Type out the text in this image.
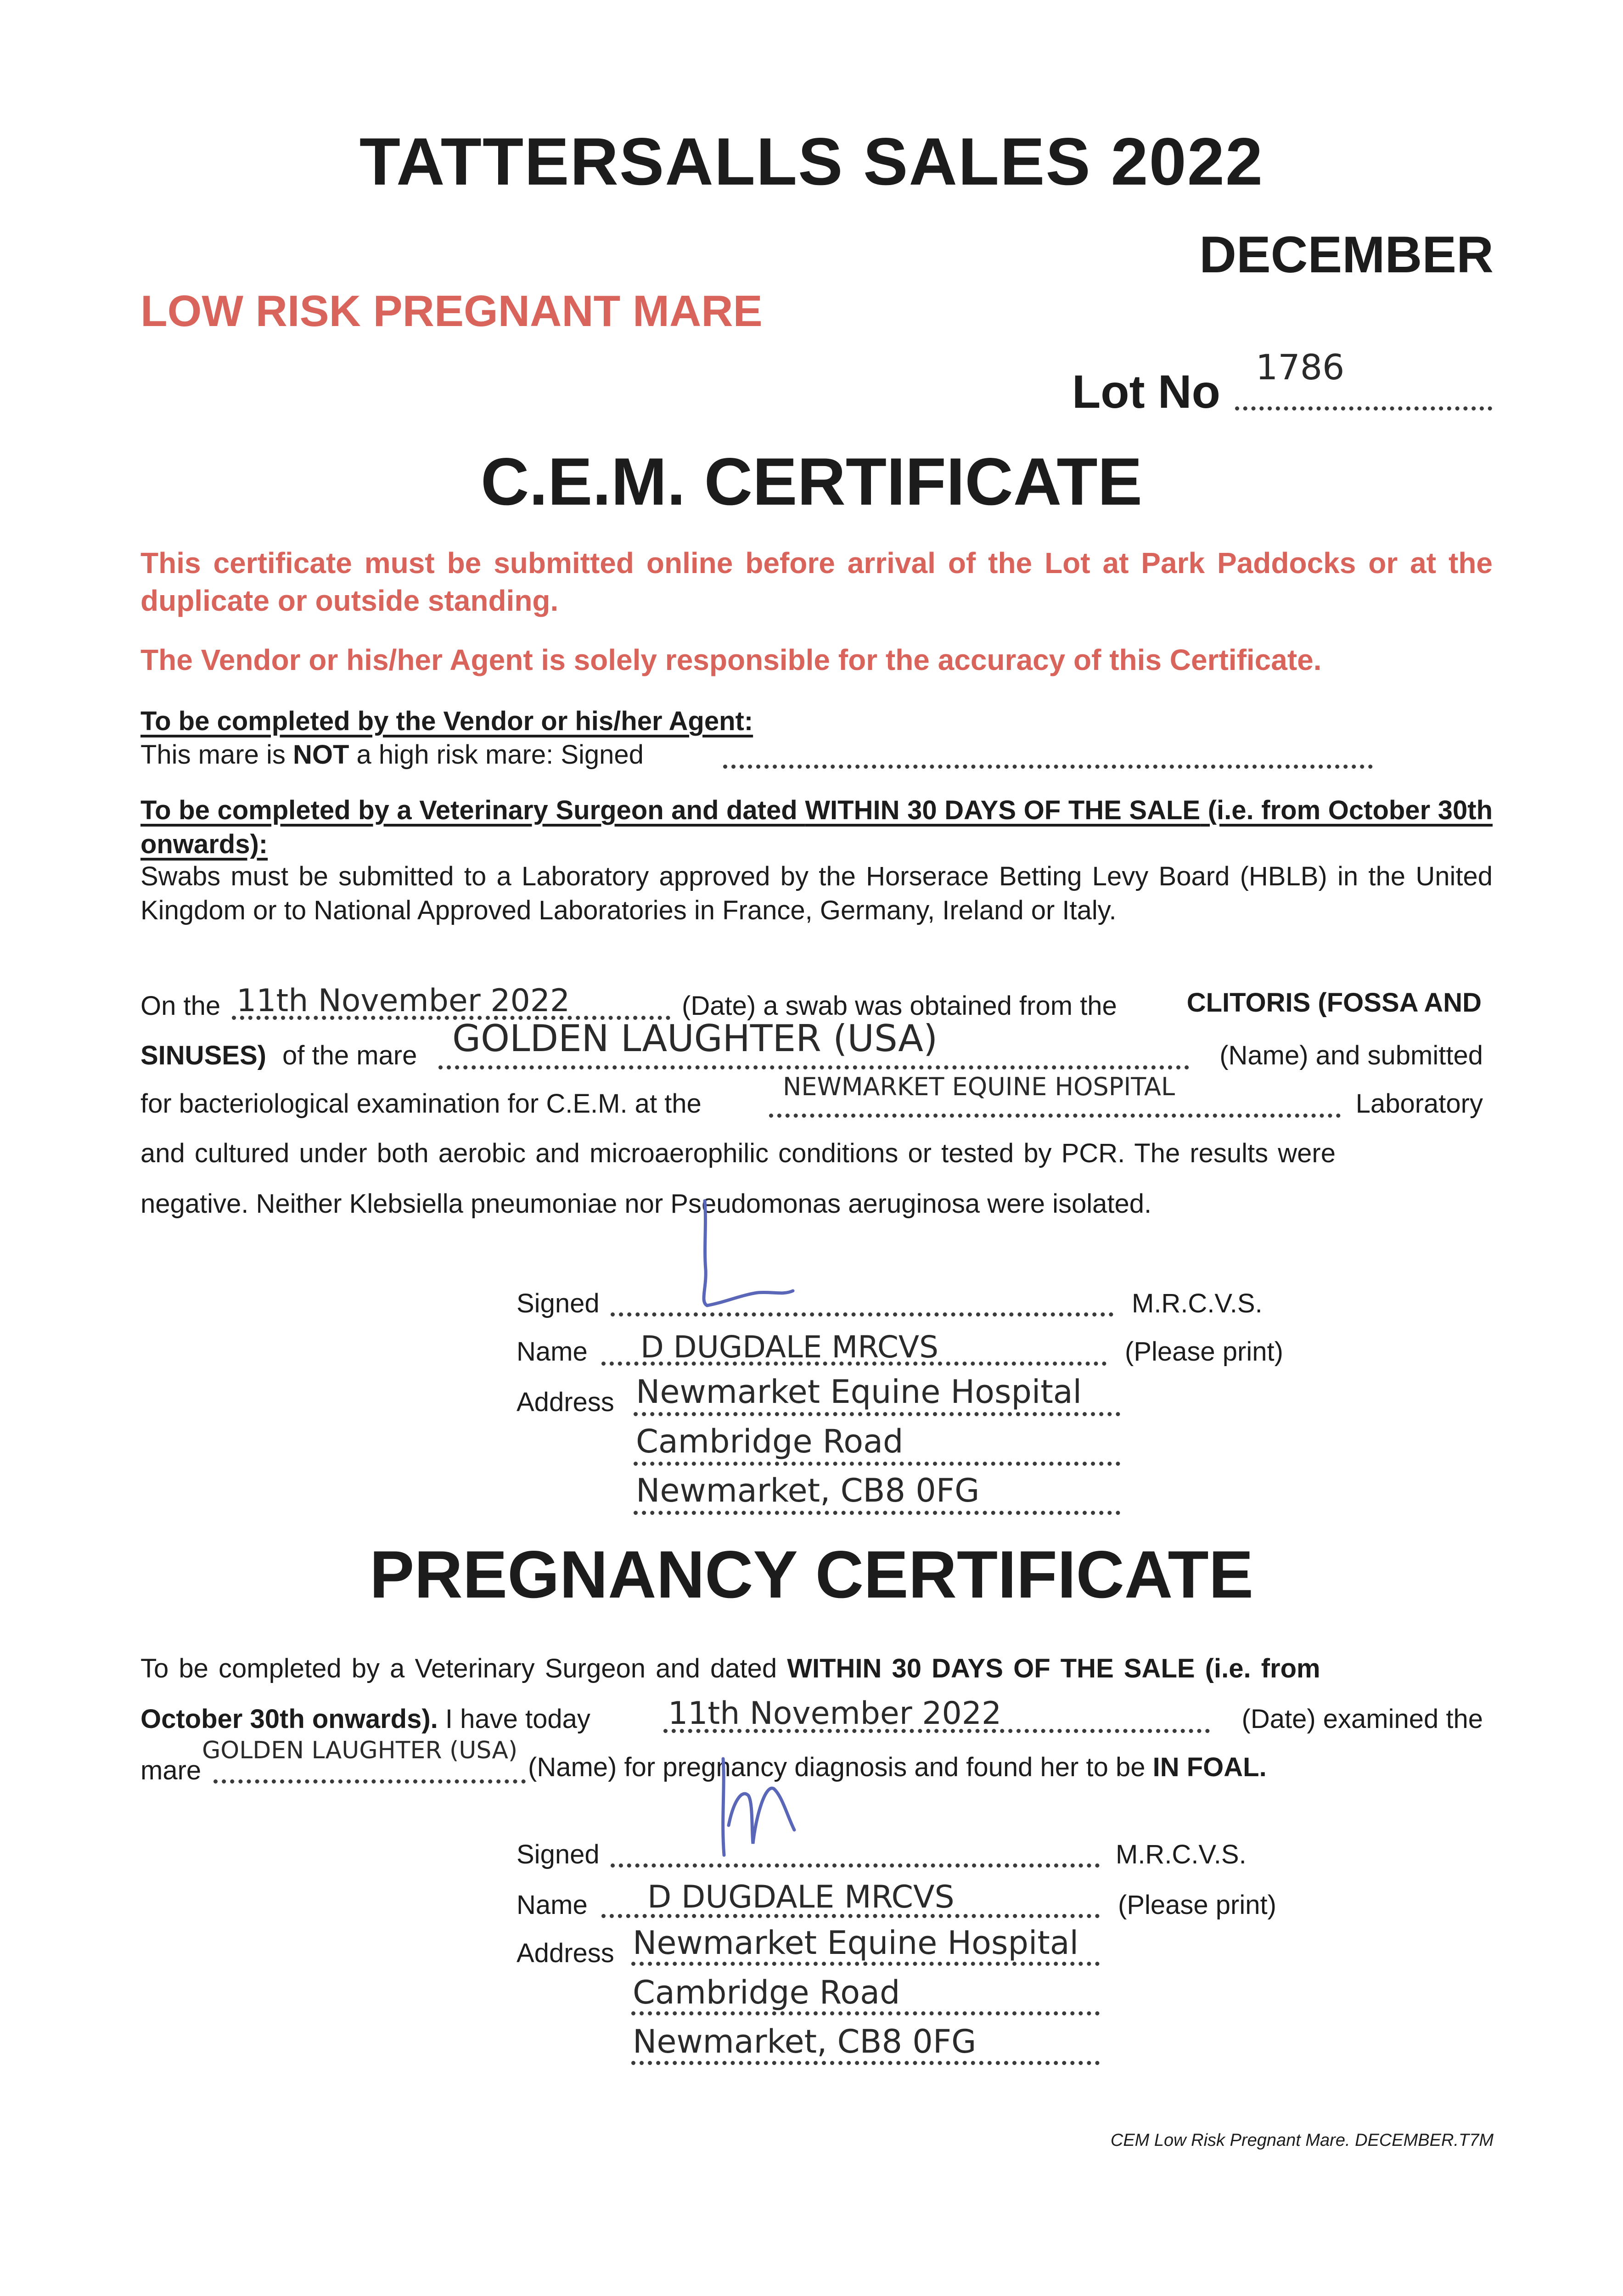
TATTERSALLS SALES 2022
DECEMBER
LOW RISK PREGNANT MARE
Lot No 1786
C.E.M. CERTIFICATE

This certificate must be submitted online before arrival of the Lot at Park Paddocks or at the duplicate or outside standing.

The Vendor or his/her Agent is solely responsible for the accuracy of this Certificate.
To be completed by the Vendor or his/her Agent:
This mare is NOT a high risk mare: Signed

To be completed by a Veterinary Surgeon and dated WITHIN 30 DAYS OF THE SALE (i.e. from October 30th onwards):

Swabs must be submitted to a Laboratory approved by the Horserace Betting Levy Board (HBLB) in the United Kingdom or to National Approved Laboratories in France, Germany, Ireland or Italy.

On the 11th November 2022	(Date) a swab was obtained from the	CLITORIS (FOSSA AND
SINUSES) of the mare GOLDEN LAUGHTER (USA)	(Name) and submitted
for bacteriological examination for C.E.M. at the
NEWMARKET EQUINE HOSPITAL
Laboratory
and cultured under both aerobic and microaerophilic conditions or tested by PCR. The results were
negative. Neither Klebsiella pneumoniae nor Pseudomonas aeruginosa were isolated.
Signed	M.R.C.V.S.
Name D DUGDALE MRCVS	(Please print)
Address Newmarket Equine Hospital
Cambridge Road
Newmarket, CB8 0FG
PREGNANCY CERTIFICATE
To be completed by a Veterinary Surgeon and dated WITHIN 30 DAYS OF THE SALE (i.e. from
October 30th onwards). I have today 11th November 2022	(Date) examined the
mare
GOLDEN LAUGHTER (USA)
(Name) for pregnancy diagnosis and found her to be IN FOAL.
Signed	M.R.C.V.S.
Name D DUGDALE MRCVS	(Please print)
Address Newmarket Equine Hospital
Cambridge Road
Newmarket, CB8 0FG
CEM Low Risk Pregnant Mare. DECEMBER.T7M
